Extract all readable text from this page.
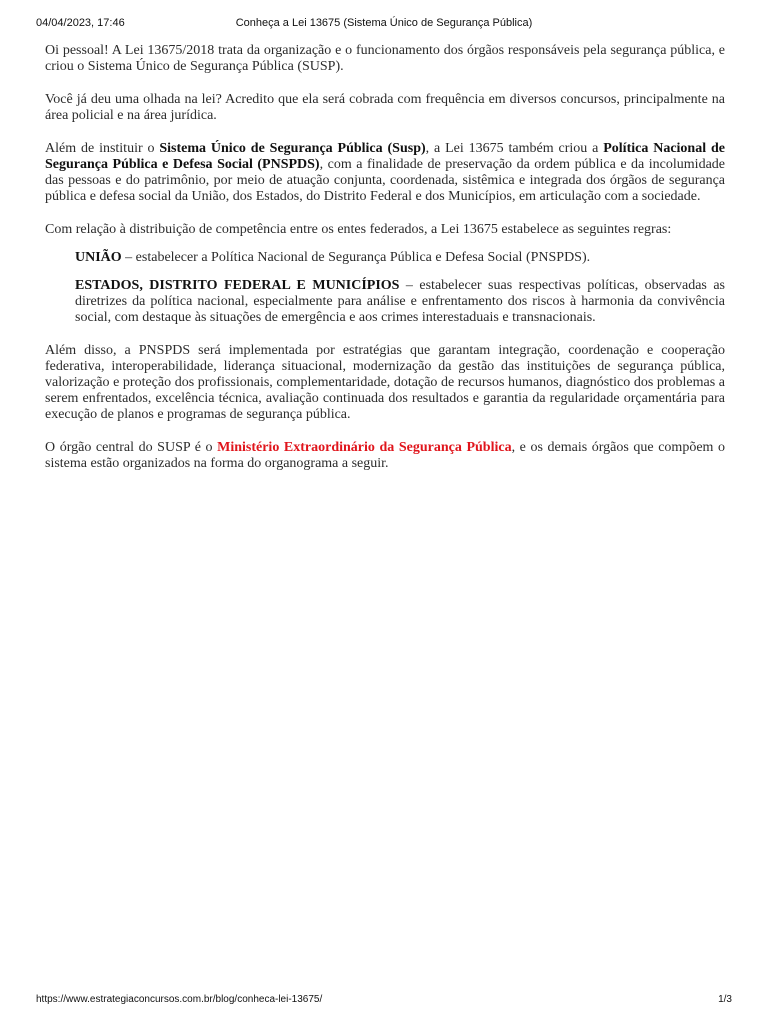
04/04/2023, 17:46	Conheça a Lei 13675 (Sistema Único de Segurança Pública)

Oi pessoal! A Lei 13675/2018 trata da organização e o funcionamento dos órgãos responsáveis pela segurança pública, e criou o Sistema Único de Segurança Pública (SUSP).

Você já deu uma olhada na lei? Acredito que ela será cobrada com frequência em diversos concursos, principalmente na área policial e na área jurídica.

Além de instituir o Sistema Único de Segurança Pública (Susp), a Lei 13675 também criou a Política Nacional de Segurança Pública e Defesa Social (PNSPDS), com a finalidade de preservação da ordem pública e da incolumidade das pessoas e do patrimônio, por meio de atuação conjunta, coordenada, sistêmica e integrada dos órgãos de segurança pública e defesa social da União, dos Estados, do Distrito Federal e dos Municípios, em articulação com a sociedade.

Com relação à distribuição de competência entre os entes federados, a Lei 13675 estabelece as seguintes regras:

UNIÃO – estabelecer a Política Nacional de Segurança Pública e Defesa Social (PNSPDS).

ESTADOS, DISTRITO FEDERAL E MUNICÍPIOS – estabelecer suas respectivas políticas, observadas as diretrizes da política nacional, especialmente para análise e enfrentamento dos riscos à harmonia da convivência social, com destaque às situações de emergência e aos crimes interestaduais e transnacionais.

Além disso, a PNSPDS será implementada por estratégias que garantam integração, coordenação e cooperação federativa, interoperabilidade, liderança situacional, modernização da gestão das instituições de segurança pública, valorização e proteção dos profissionais, complementaridade, dotação de recursos humanos, diagnóstico dos problemas a serem enfrentados, excelência técnica, avaliação continuada dos resultados e garantia da regularidade orçamentária para execução de planos e programas de segurança pública.

O órgão central do SUSP é o Ministério Extraordinário da Segurança Pública, e os demais órgãos que compõem o sistema estão organizados na forma do organograma a seguir.

https://www.estrategiaconcursos.com.br/blog/conheca-lei-13675/	1/3
